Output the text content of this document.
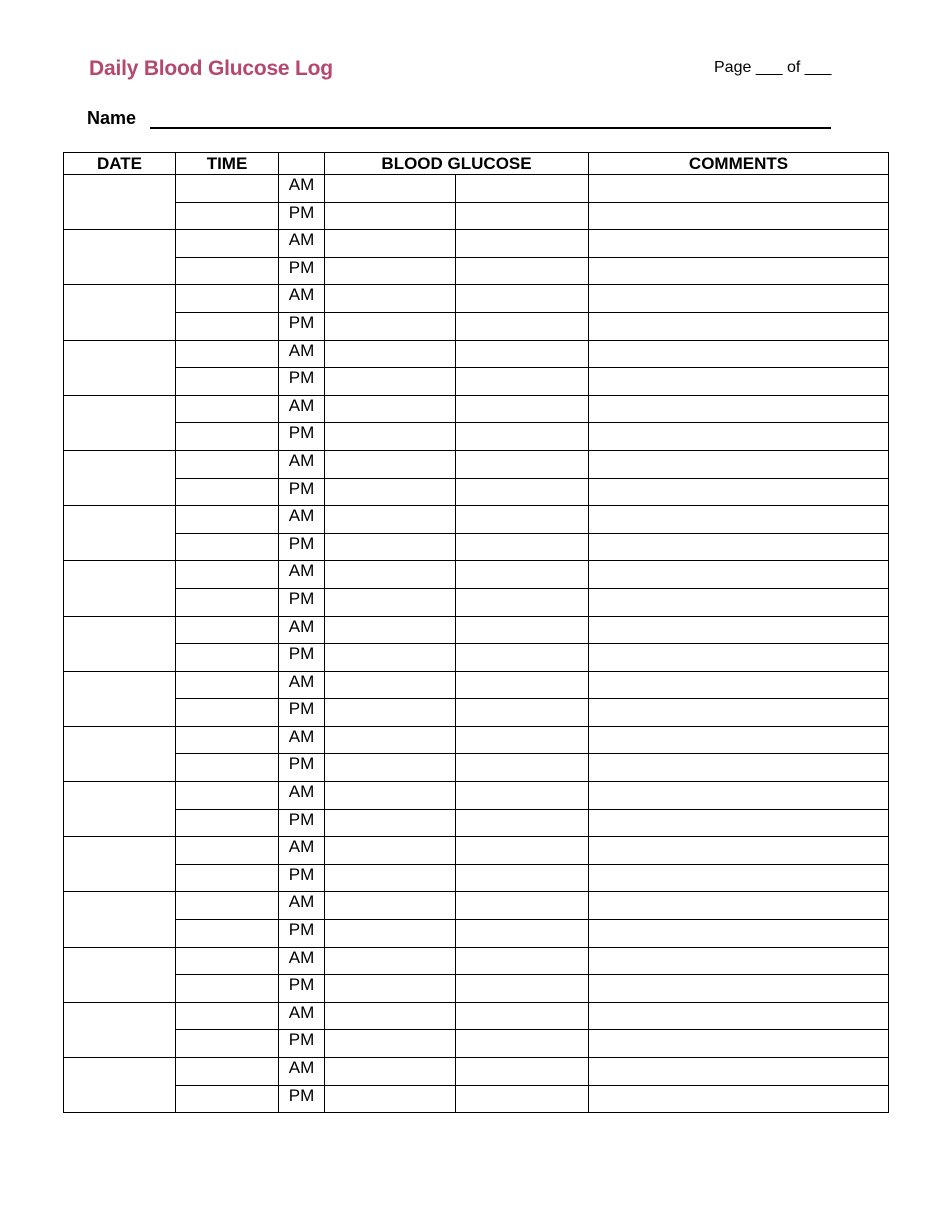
Daily Blood Glucose Log	Page ___ of ___
Name
DATE	TIME		BLOOD GLUCOSE		COMMENTS
		AM			
		PM			
		AM			
		PM			
		AM			
		PM			
		AM			
		PM			
		AM			
		PM			
		AM			
		PM			
		AM			
		PM			
		AM			
		PM			
		AM			
		PM			
		AM			
		PM			
		AM			
		PM			
		AM			
		PM			
		AM			
		PM			
		AM			
		PM			
		AM			
		PM			
		AM			
		PM			
		AM			
		PM			
